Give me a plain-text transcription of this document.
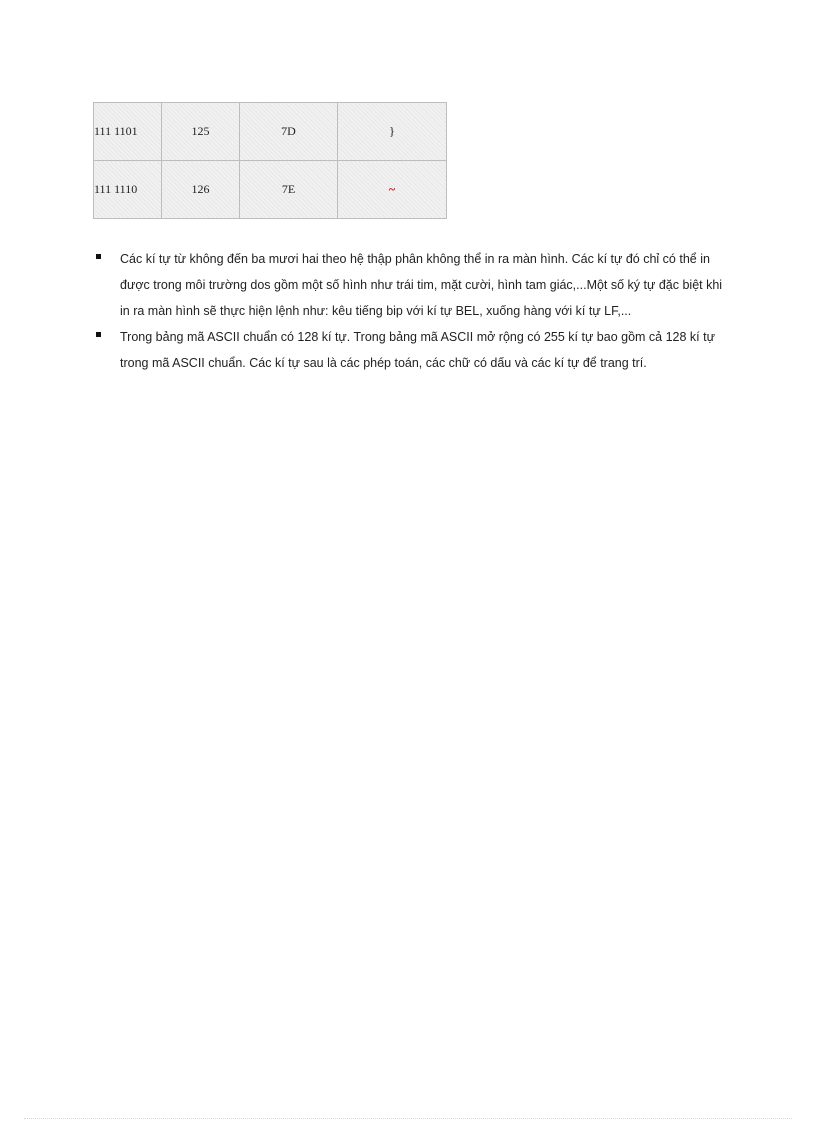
111 1101	125	7D	}
111 1110	126	7E	~
Các kí tự từ không đến ba mươi hai theo hệ thập phân không thể in ra màn hình. Các kí tự đó chỉ có thể in được trong môi trường dos gồm một số hình như trái tim, mặt cười, hình tam giác,...Một số ký tự đặc biệt khi in ra màn hình sẽ thực hiện lệnh như: kêu tiếng bip với kí tự BEL, xuống hàng với kí tự LF,...
Trong bảng mã ASCII chuẩn có 128 kí tự. Trong bảng mã ASCII mở rộng có 255 kí tự bao gồm cả 128 kí tự trong mã ASCII chuẩn. Các kí tự sau là các phép toán, các chữ có dấu và các kí tự để trang trí.
